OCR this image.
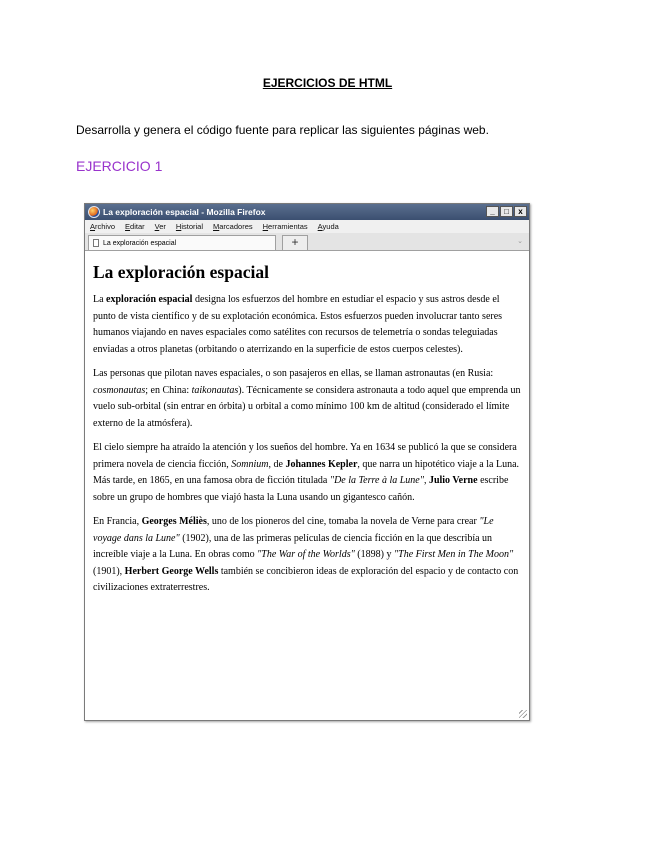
EJERCICIOS DE HTML
Desarrolla y genera el código fuente para replicar las siguientes páginas web.
EJERCICIO 1
La exploración espacial - Mozilla Firefox	_	□	x
Archivo Editar Ver Historial Marcadores Herramientas Ayuda
La exploración espacial	+	⌄
La exploración espacial

La exploración espacial designa los esfuerzos del hombre en estudiar el espacio y sus astros desde el punto de vista científico y de su explotación económica. Estos esfuerzos pueden involucrar tanto seres humanos viajando en naves espaciales como satélites con recursos de telemetría o sondas teleguiadas enviadas a otros planetas (orbitando o aterrizando en la superficie de estos cuerpos celestes).

Las personas que pilotan naves espaciales, o son pasajeros en ellas, se llaman astronautas (en Rusia: cosmonautas; en China: taikonautas). Técnicamente se considera astronauta a todo aquel que emprenda un vuelo sub-orbital (sin entrar en órbita) u orbital a como mínimo 100 km de altitud (considerado el límite externo de la atmósfera).

El cielo siempre ha atraído la atención y los sueños del hombre. Ya en 1634 se publicó la que se considera primera novela de ciencia ficción, Somnium, de Johannes Kepler, que narra un hipotético viaje a la Luna. Más tarde, en 1865, en una famosa obra de ficción titulada "De la Terre à la Lune", Julio Verne escribe sobre un grupo de hombres que viajó hasta la Luna usando un gigantesco cañón.

En Francia, Georges Méliès, uno de los pioneros del cine, tomaba la novela de Verne para crear "Le voyage dans la Lune" (1902), una de las primeras películas de ciencia ficción en la que describía un increíble viaje a la Luna. En obras como "The War of the Worlds" (1898) y "The First Men in The Moon" (1901), Herbert George Wells también se concibieron ideas de exploración del espacio y de contacto con civilizaciones extraterrestres.
